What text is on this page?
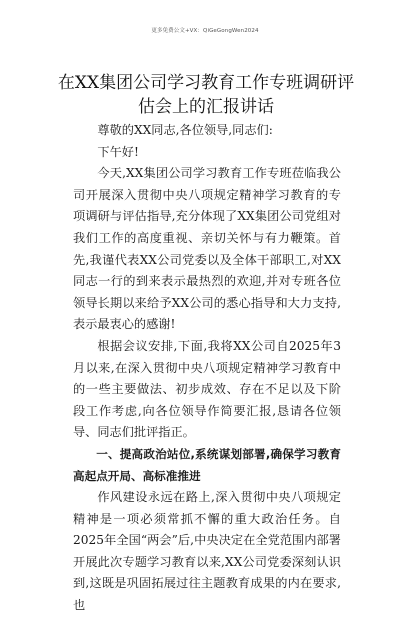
更多免费公文+VX：QiGeGongWen2024
在XX集团公司学习教育工作专班调研评估会上的汇报讲话

尊敬的XX同志,各位领导,同志们:

下午好!

今天,XX集团公司学习教育工作专班莅临我公司开展深入贯彻中央八项规定精神学习教育的专项调研与评估指导,充分体现了XX集团公司党组对我们工作的高度重视、亲切关怀与有力鞭策。首先,我谨代表XX公司党委以及全体干部职工,对XX同志一行的到来表示最热烈的欢迎,并对专班各位领导长期以来给予XX公司的悉心指导和大力支持,表示最衷心的感谢!

根据会议安排,下面,我将XX公司自2025年3月以来,在深入贯彻中央八项规定精神学习教育中的一些主要做法、初步成效、存在不足以及下阶段工作考虑,向各位领导作简要汇报,恳请各位领导、同志们批评指正。

一、提高政治站位,系统谋划部署,确保学习教育高起点开局、高标准推进

作风建设永远在路上,深入贯彻中央八项规定精神是一项必须常抓不懈的重大政治任务。自2025年全国“两会”后,中央决定在全党范围内部署开展此次专题学习教育以来,XX公司党委深刻认识到,这既是巩固拓展过往主题教育成果的内在要求,也
